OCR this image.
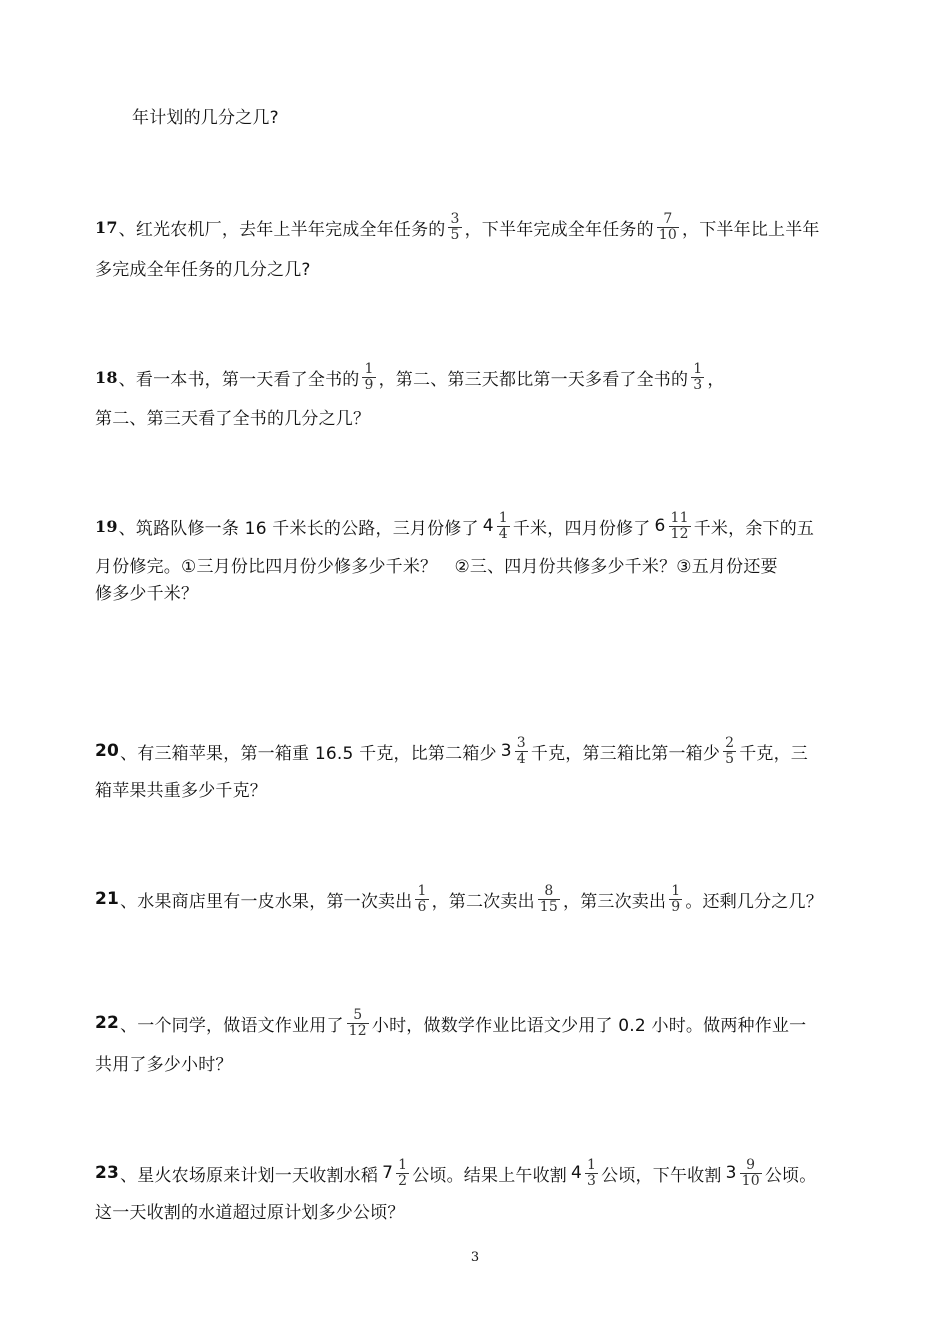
年计划的几分之几?
17 、红光农机厂，去年上半年完成全年任务的 $\frac{3}{5}$ ，下半年完成全年任务的 $\frac{7}{10}$ ，下半年比上半年
多完成全年任务的几分之几?
18 、看一本书，第一天看了全书的 $\frac{1}{9}$ ，第二、第三天都比第一天多看了全书的 $\frac{1}{3}$ ，
第二、第三天看了全书的几分之几？
19 、筑路队修一条 16 千米长的公路，三月份修了 $4 \frac{1}{4}$ 千米，四月份修了 $6 \frac{11}{12}$ 千米，余下的五
月份修完。①三月份比四月份少修多少千米？　②三、四月份共修多少千米？③五月份还要
修多少千米？
20 、有三箱苹果，第一箱重 16.5 千克，比第二箱少 $3 \frac{3}{4}$ 千克，第三箱比第一箱少 $\frac{2}{5}$ 千克，三
箱苹果共重多少千克？
21 、水果商店里有一皮水果，第一次卖出 $\frac{1}{6}$ ，第二次卖出 $\frac{8}{15}$ ，第三次卖出 $\frac{1}{9}$ 。还剩几分之几？
22 、一个同学，做语文作业用了 $\frac{5}{12}$ 小时，做数学作业比语文少用了 0.2 小时。做两种作业一
共用了多少小时？
23 、星火农场原来计划一天收割水稻 $7 \frac{1}{2}$ 公顷。结果上午收割 $4 \frac{1}{3}$ 公顷，下午收割 $3 \frac{9}{10}$ 公顷。
这一天收割的水道超过原计划多少公顷？
3
